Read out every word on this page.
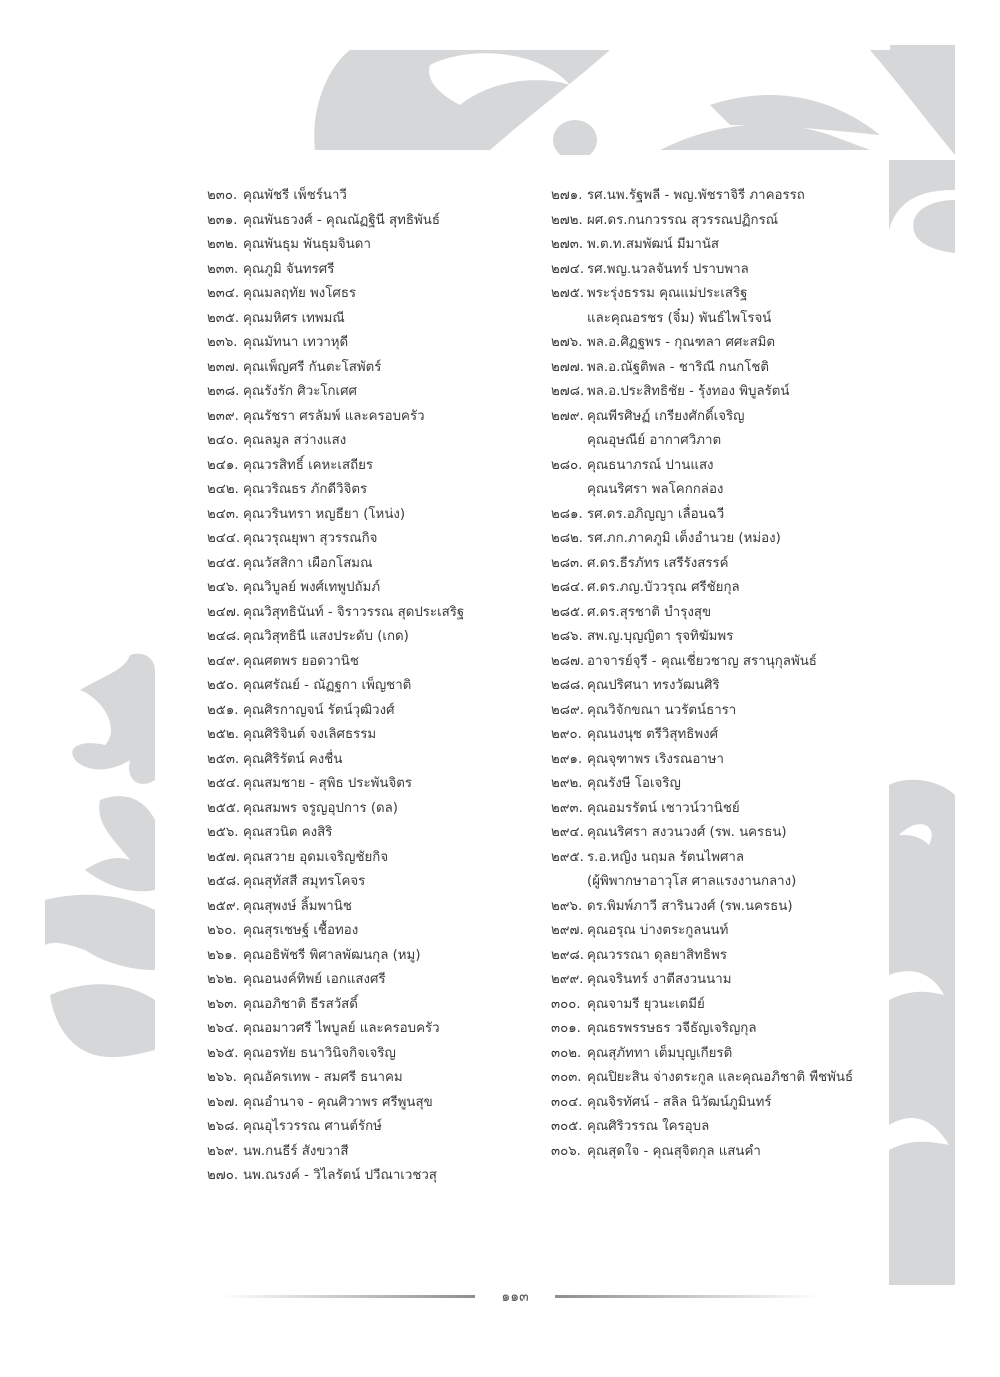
๒๓๐. คุณพัชรี เพ็ชร์นาวี
๒๓๑. คุณพันธวงศ์ - คุณณัฏฐินี สุทธิพันธ์
๒๓๒. คุณพันธุม พันธุมจินดา
๒๓๓. คุณภูมิ จันทรศรี
๒๓๔. คุณมลฤทัย พงโศธร
๒๓๕. คุณมหิศร เทพมณี
๒๓๖. คุณมัทนา เทวาหุดี
๒๓๗. คุณเพ็ญศรี กันตะโสพัตร์
๒๓๘. คุณรังรัก ศิวะโกเศศ
๒๓๙. คุณรัชรา ศรลัมพ์ และครอบครัว
๒๔๐. คุณลมูล สว่างแสง
๒๔๑. คุณวรสิทธิ์ เคหะเสถียร
๒๔๒. คุณวริณธร ภักดีวิจิตร
๒๔๓. คุณวรินทรา หญธียา (โหน่ง)
๒๔๔. คุณวรุณยุพา สุวรรณกิจ
๒๔๕. คุณวัสสิกา เผือกโสมณ
๒๔๖. คุณวิบูลย์ พงศ์เทพูปถัมภ์
๒๔๗. คุณวิสุทธินันท์ - จิราวรรณ สุดประเสริฐ
๒๔๘. คุณวิสุทธินี แสงประดับ (เกด)
๒๔๙. คุณศตพร ยอดวานิช
๒๕๐. คุณศรัณย์ - ณัฏฐกา เพ็ญชาติ
๒๕๑. คุณศิรกาญจน์ รัตน์วุฒิวงศ์
๒๕๒. คุณศิริจินต์ จงเลิศธรรม
๒๕๓. คุณศิริรัตน์ คงชื่น
๒๕๔. คุณสมชาย - สุพิธ ประพันจิตร
๒๕๕. คุณสมพร จรูญอุปการ (ดล)
๒๕๖. คุณสวนิต คงสิริ
๒๕๗. คุณสวาย อุดมเจริญชัยกิจ
๒๕๘. คุณสุทัสสี สมุทรโคจร
๒๕๙. คุณสุพงษ์ ลิ้มพานิช
๒๖๐. คุณสุรเชษฐ์ เชื้อทอง
๒๖๑. คุณอธิพัชรี พิศาลพัฒนกุล (หมู)
๒๖๒. คุณอนงค์ทิพย์ เอกแสงศรี
๒๖๓. คุณอภิชาติ ธีรสวัสดิ์
๒๖๔. คุณอมาวศรี ไพบูลย์ และครอบครัว
๒๖๕. คุณอรทัย ธนาวินิจกิจเจริญ
๒๖๖. คุณอัครเทพ - สมศรี ธนาคม
๒๖๗. คุณอำนาจ - คุณศิวาพร ศรีพูนสุข
๒๖๘. คุณอุไรวรรณ ศานต์รักษ์
๒๖๙. นพ.กนธีร์ สังขวาสี
๒๗๐. นพ.ณรงค์ - วิไลรัตน์ ปวีณาเวชวสุ
๒๗๑. รศ.นพ.รัฐพลี - พญ.พัชราจิรี ภาคอรรถ
๒๗๒. ผศ.ดร.กนกวรรณ สุวรรณปฏิกรณ์
๒๗๓. พ.ต.ท.สมพัฒน์ มีมานัส
๒๗๔. รศ.พญ.นวลจันทร์ ปราบพาล
๒๗๕. พระรุ่งธรรม คุณแม่ประเสริฐ
และคุณอรชร (จิ๋ม) พันธ์ไพโรจน์
๒๗๖. พล.อ.ศิฏฐพร - กุณฑลา ศศะสมิต
๒๗๗. พล.อ.ณัฐติพล - ชาริณี กนกโชติ
๒๗๘. พล.อ.ประสิทธิชัย - รุ้งทอง พิบูลรัตน์
๒๗๙. คุณพีรศิษฏ์ เกรียงศักดิ์เจริญ
คุณอุษณีย์ อากาศวิภาต
๒๘๐. คุณธนาภรณ์ ปานแสง
คุณนริศรา พลโคกกล่อง
๒๘๑. รศ.ดร.อภิญญา เลื่อนฉวี
๒๘๒. รศ.ภก.ภาคภูมิ เต็งอำนวย (หม่อง)
๒๘๓. ศ.ดร.ธีรภัทร เสรีรังสรรค์
๒๘๔. ศ.ดร.ภญ.บัววรุณ ศรีชัยกุล
๒๘๕. ศ.ดร.สุรชาติ บำรุงสุข
๒๘๖. สพ.ญ.บุญญิตา รุจทิฆัมพร
๒๘๗. อาจารย์จุรี - คุณเชี่ยวชาญ สรานุกุลพันธ์
๒๘๘. คุณปริศนา ทรงวัฒนศิริ
๒๘๙. คุณวิจักขณา นวรัตน์ธารา
๒๙๐. คุณนงนุช ตรีวิสุทธิพงศ์
๒๙๑. คุณจุฑาพร เริงรณอาษา
๒๙๒. คุณรังษี โอเจริญ
๒๙๓. คุณอมรรัตน์ เชาวน์วานิชย์
๒๙๔. คุณนริศรา สงวนวงศ์ (รพ. นครธน)
๒๙๕. ร.อ.หญิง นฤมล รัตนไพศาล
(ผู้พิพากษาอาวุโส ศาลแรงงานกลาง)
๒๙๖. ดร.พิมพ์ภาวี สารินวงศ์ (รพ.นครธน)
๒๙๗. คุณอรุณ บ่างตระกูลนนท์
๒๙๘. คุณวรรณา ดุลยาสิทธิพร
๒๙๙. คุณจรินทร์ งาตีสงวนนาม
๓๐๐. คุณจามรี ยุวนะเตมีย์
๓๐๑. คุณธรพรรษธร วจีธัญเจริญกุล
๓๐๒. คุณสุภัททา เต็มบุญเกียรติ
๓๐๓. คุณปิยะสิน จ่างตระกูล และคุณอภิชาติ พืชพันธ์
๓๐๔. คุณจิรทัศน์ - สลิล นิวัฒน์ภูมินทร์
๓๐๕. คุณศิริวรรณ ใครอุบล
๓๐๖. คุณสุดใจ - คุณสุจิตกุล แสนคำ
๑๑๓
